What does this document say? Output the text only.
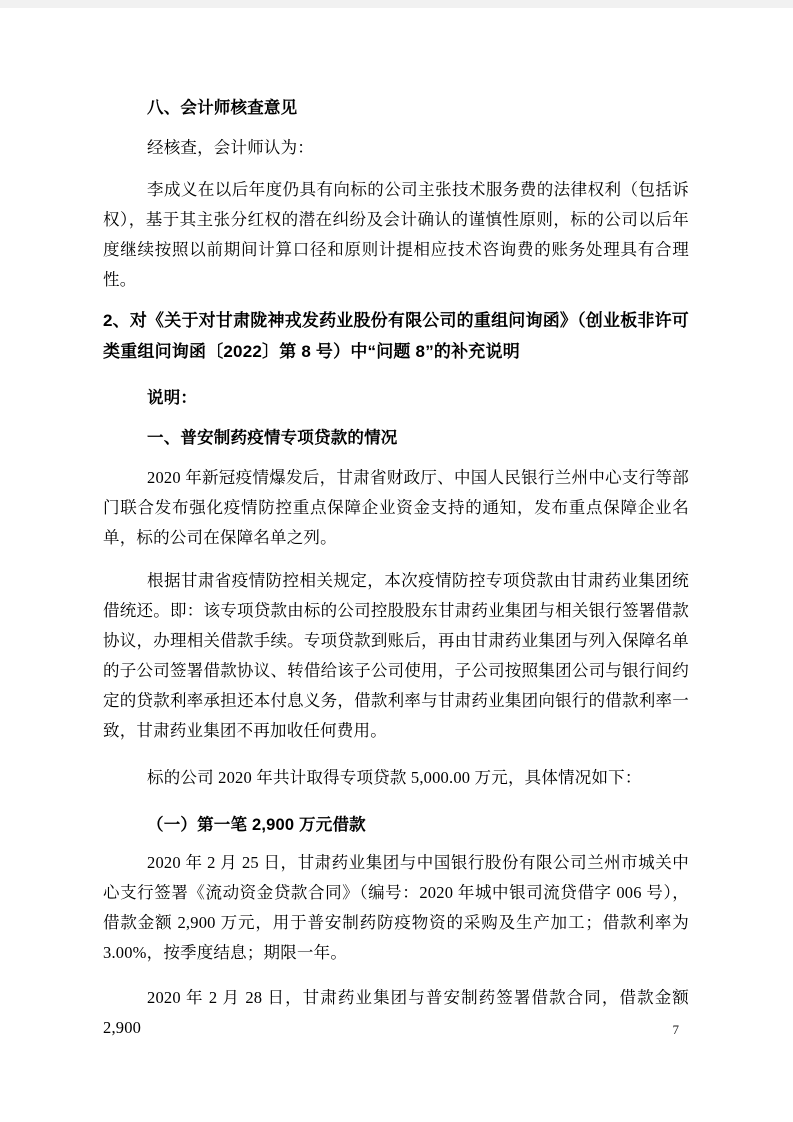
八、会计师核查意见

经核查，会计师认为：

李成义在以后年度仍具有向标的公司主张技术服务费的法律权利（包括诉权），基于其主张分红权的潜在纠纷及会计确认的谨慎性原则，标的公司以后年度继续按照以前期间计算口径和原则计提相应技术咨询费的账务处理具有合理性。

2、对《关于对甘肃陇神戎发药业股份有限公司的重组问询函》（创业板非许可类重组问询函〔2022〕第 8 号）中“问题 8”的补充说明
说明：
一、普安制药疫情专项贷款的情况

2020 年新冠疫情爆发后，甘肃省财政厅、中国人民银行兰州中心支行等部门联合发布强化疫情防控重点保障企业资金支持的通知，发布重点保障企业名单，标的公司在保障名单之列。

根据甘肃省疫情防控相关规定，本次疫情防控专项贷款由甘肃药业集团统借统还。即：该专项贷款由标的公司控股股东甘肃药业集团与相关银行签署借款协议，办理相关借款手续。专项贷款到账后，再由甘肃药业集团与列入保障名单的子公司签署借款协议、转借给该子公司使用，子公司按照集团公司与银行间约定的贷款利率承担还本付息义务，借款利率与甘肃药业集团向银行的借款利率一致，甘肃药业集团不再加收任何费用。

标的公司 2020 年共计取得专项贷款 5,000.00 万元，具体情况如下：

（一）第一笔 2,900 万元借款

2020 年 2 月 25 日，甘肃药业集团与中国银行股份有限公司兰州市城关中心支行签署《流动资金贷款合同》（编号：2020 年城中银司流贷借字 006 号），借款金额 2,900 万元，用于普安制药防疫物资的采购及生产加工；借款利率为 3.00%，按季度结息；期限一年。

2020 年 2 月 28 日，甘肃药业集团与普安制药签署借款合同，借款金额 2,900	7
